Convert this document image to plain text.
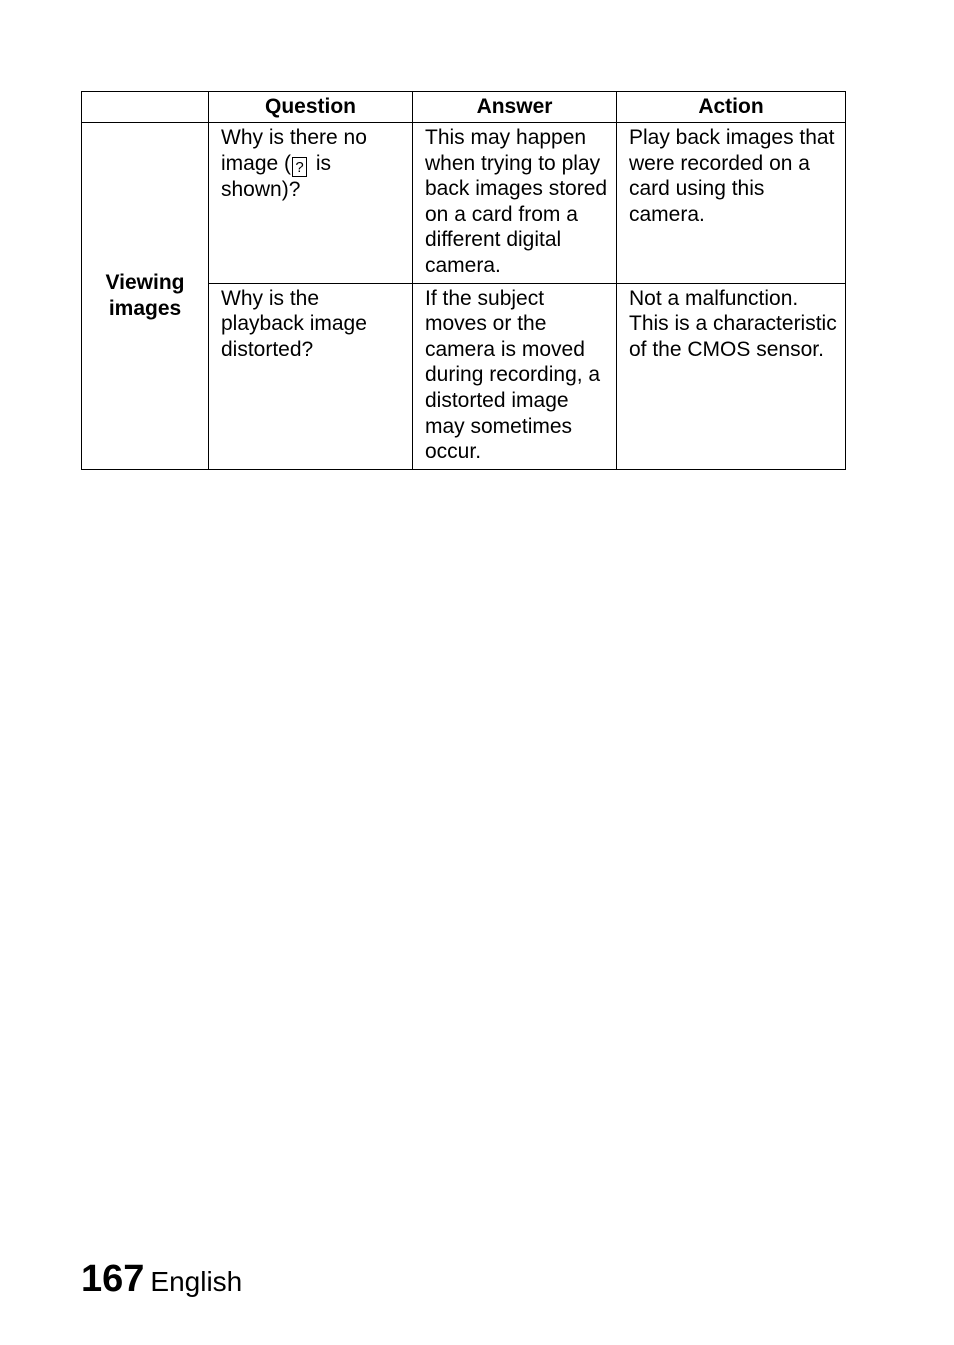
	Question	Answer	Action
Viewing
images	Why is there no image ( ? is shown)?	This may happen when trying to play back images stored on a card from a different digital camera.	Play back images that were recorded on a card using this camera.
	Why is the playback image distorted?	If the subject moves or the camera is moved during recording, a distorted image may sometimes occur.	Not a malfunction. This is a characteristic of the CMOS sensor.
167 English
